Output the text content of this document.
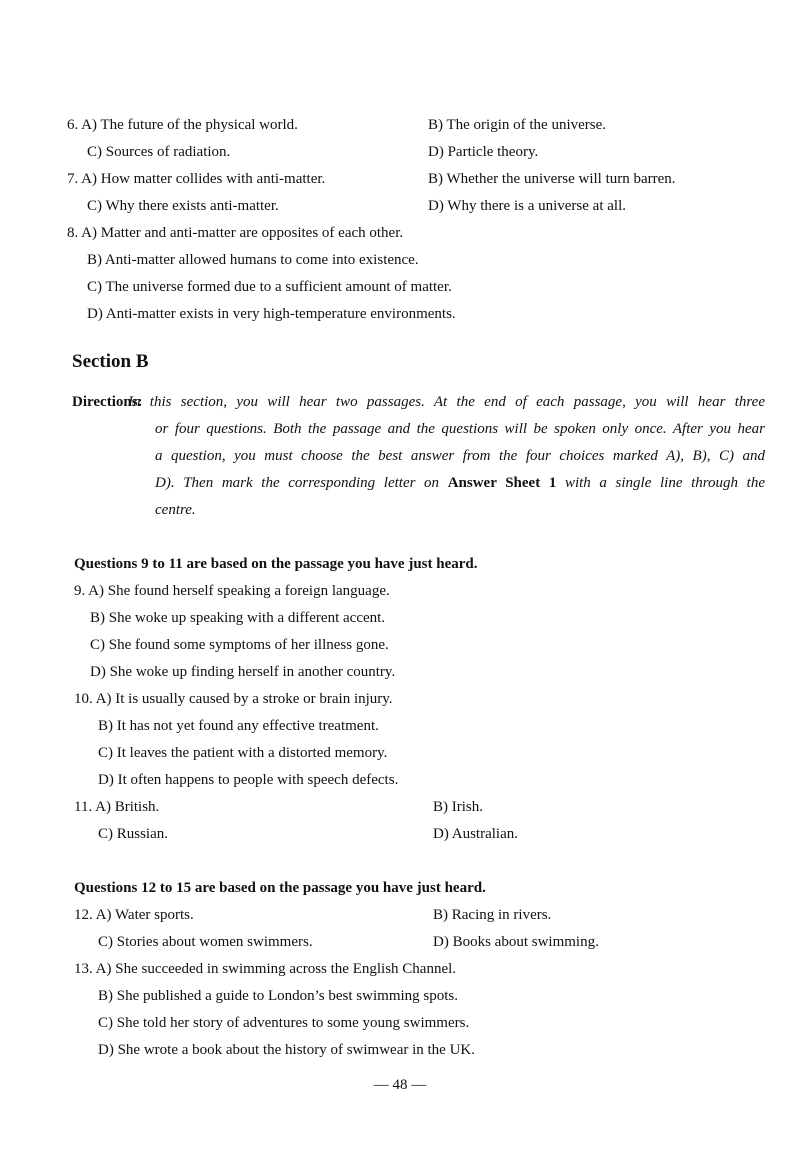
6. A) The future of the physical world.	B) The origin of the universe.
C) Sources of radiation.	D) Particle theory.
7. A) How matter collides with anti-matter.	B) Whether the universe will turn barren.
C) Why there exists anti-matter.	D) Why there is a universe at all.
8. A) Matter and anti-matter are opposites of each other.
B) Anti-matter allowed humans to come into existence.
C) The universe formed due to a sufficient amount of matter.
D) Anti-matter exists in very high-temperature environments.
Section B
Directions:
In this section, you will hear two passages. At the end of each passage, you will hear three
or four questions. Both the passage and the questions will be spoken only once. After you hear
a question, you must choose the best answer from the four choices marked A), B), C) and
D). Then mark the corresponding letter on Answer Sheet 1 with a single line through the
centre.
Questions 9 to 11 are based on the passage you have just heard.
9. A) She found herself speaking a foreign language.
B) She woke up speaking with a different accent.
C) She found some symptoms of her illness gone.
D) She woke up finding herself in another country.
10. A) It is usually caused by a stroke or brain injury.
B) It has not yet found any effective treatment.
C) It leaves the patient with a distorted memory.
D) It often happens to people with speech defects.
11. A) British.	B) Irish.
C) Russian.	D) Australian.
Questions 12 to 15 are based on the passage you have just heard.
12. A) Water sports.	B) Racing in rivers.
C) Stories about women swimmers.	D) Books about swimming.
13. A) She succeeded in swimming across the English Channel.
B) She published a guide to London’s best swimming spots.
C) She told her story of adventures to some young swimmers.
D) She wrote a book about the history of swimwear in the UK.
— 48 —
